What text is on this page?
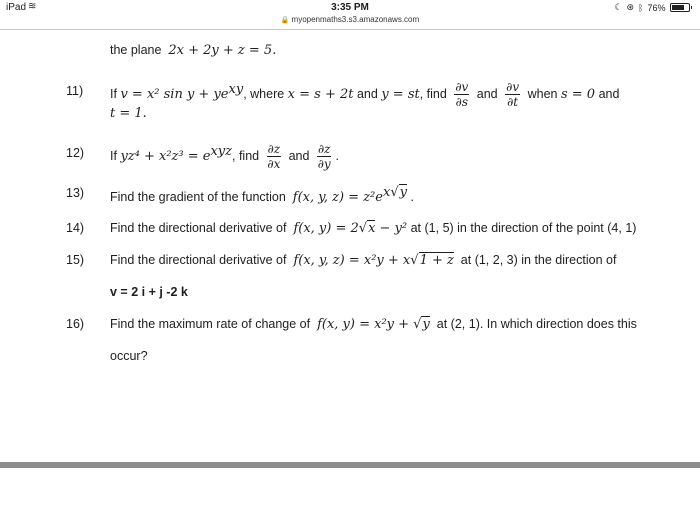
iPad ≋	3:35 PM
🔒 myopenmaths3.s3.amazonaws.com
☾ ⊛ ᛒ 76%
the plane 2x + 2y + z = 5.
11) If v = x² $\sin y + ye^{xy}$, where x = s + 2t and y = st, find $\frac{\partial v}{\partial s}$ and $\frac{\partial v}{\partial t}$ when s = 0 and
t = 1.
12) If $yz^4 + x^2z^3 = e^{xyz}$, find $\frac{\partial z}{\partial x}$ and $\frac{\partial z}{\partial y}$ .
13) Find the gradient of the function f(x, y, $z) = z^2e^{x√y}$ .
14) Find the directional derivative of f(x, y) = 2√x − y² at (1, 5) in the direction of the point (4, 1)
15) Find the directional derivative of f(x, y, z) = x²y + x√1 + z at (1, 2, 3) in the direction of
v = 2 i + j -2 k
16) Find the maximum rate of change of f(x, y) = x²y + √y at (2, 1). In which direction does this
occur?
